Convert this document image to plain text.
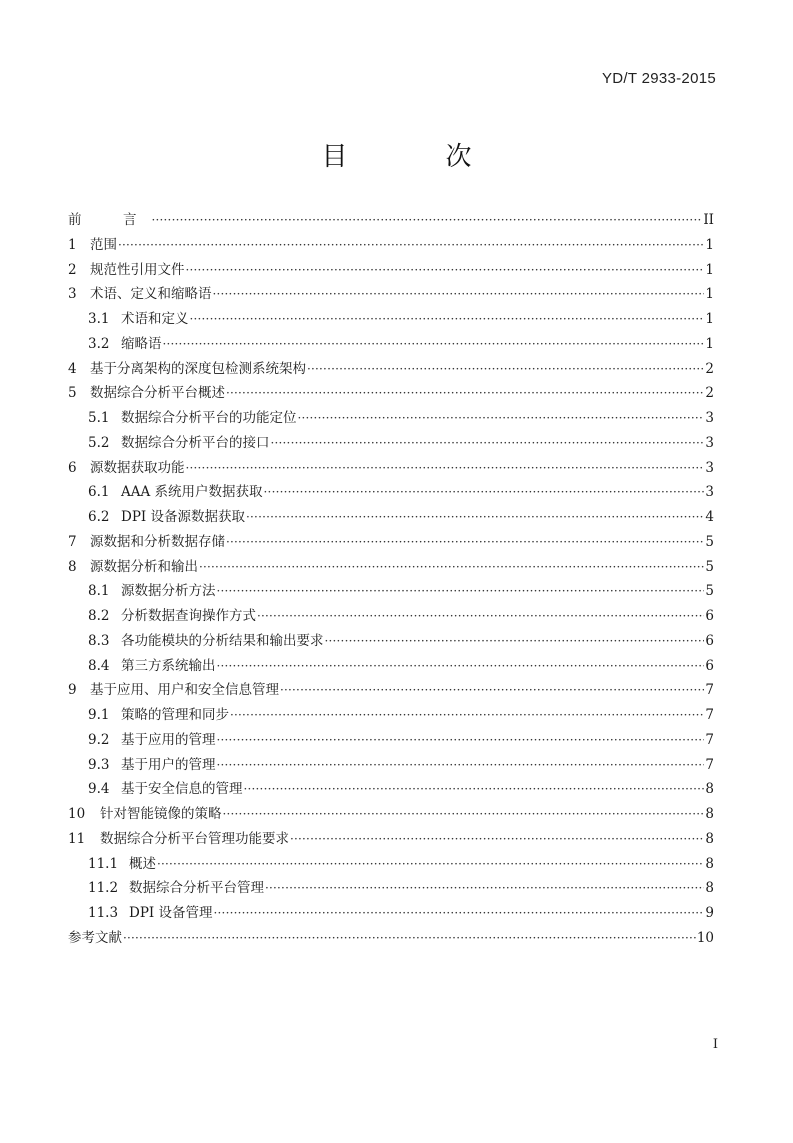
YD/T 2933-2015
目　次
前　言 ·····	II
1 范围 ·····	1
2 规范性引用文件 ·····	1
3 术语、定义和缩略语 ·····	1
3.1 术语和定义 ·····	1
3.2 缩略语 ·····	1
4 基于分离架构的深度包检测系统架构 ·····	2
5 数据综合分析平台概述 ·····	2
5.1 数据综合分析平台的功能定位 ·····	3
5.2 数据综合分析平台的接口 ·····	3
6 源数据获取功能 ·····	3
6.1 AAA 系统用户数据获取 ·····	3
6.2 DPI 设备源数据获取 ·····	4
7 源数据和分析数据存储 ·····	5
8 源数据分析和输出 ·····	5
8.1 源数据分析方法 ·····	5
8.2 分析数据查询操作方式 ·····	6
8.3 各功能模块的分析结果和输出要求 ·····	6
8.4 第三方系统输出 ·····	6
9 基于应用、用户和安全信息管理 ·····	7
9.1 策略的管理和同步 ·····	7
9.2 基于应用的管理 ·····	7
9.3 基于用户的管理 ·····	7
9.4 基于安全信息的管理 ·····	8
10	针对智能镜像的策略 ·····	8
11	数据综合分析平台管理功能要求 ·····	8
11.1 概述 ·····	8
11.2 数据综合分析平台管理 ·····	8
11.3 DPI 设备管理 ·····	9
参考文献 ·····	10
I
